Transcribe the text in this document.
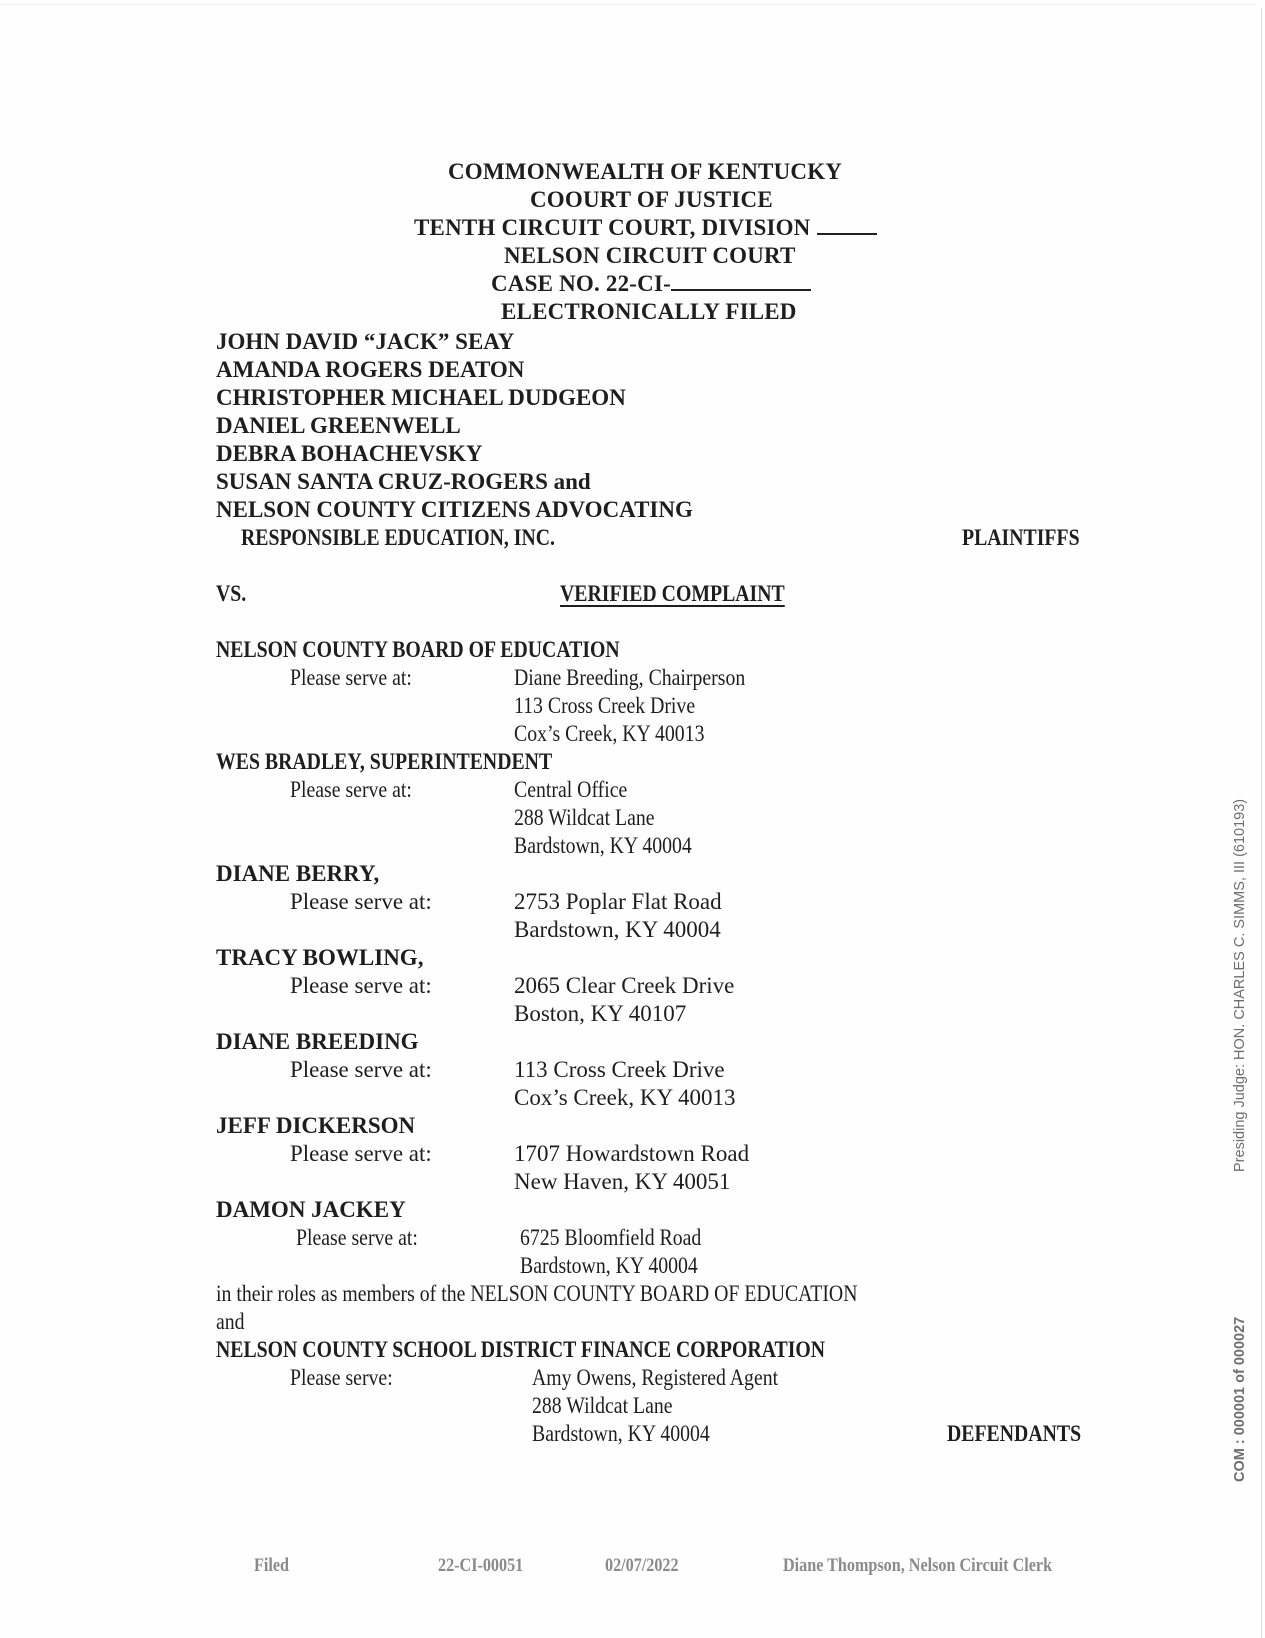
COMMONWEALTH OF KENTUCKY
COOURT OF JUSTICE
TENTH CIRCUIT COURT, DIVISION
NELSON CIRCUIT COURT
CASE NO. 22-CI-
ELECTRONICALLY FILED
JOHN DAVID “JACK” SEAY
AMANDA ROGERS DEATON
CHRISTOPHER MICHAEL DUDGEON
DANIEL GREENWELL
DEBRA BOHACHEVSKY
SUSAN SANTA CRUZ-ROGERS and
NELSON COUNTY CITIZENS ADVOCATING
RESPONSIBLE EDUCATION, INC.	PLAINTIFFS
VS.	VERIFIED COMPLAINT
NELSON COUNTY BOARD OF EDUCATION
Please serve at:	Diane Breeding, Chairperson
113 Cross Creek Drive
Cox’s Creek, KY 40013
WES BRADLEY, SUPERINTENDENT
Please serve at:	Central Office
288 Wildcat Lane
Bardstown, KY 40004
DIANE BERRY,
Please serve at:	2753 Poplar Flat Road
Bardstown, KY 40004
TRACY BOWLING,
Please serve at:	2065 Clear Creek Drive
Boston, KY 40107
DIANE BREEDING
Please serve at:	113 Cross Creek Drive
Cox’s Creek, KY 40013
JEFF DICKERSON
Please serve at:	1707 Howardstown Road
New Haven, KY 40051
DAMON JACKEY
Please serve at:	6725 Bloomfield Road
Bardstown, KY 40004
in their roles as members of the NELSON COUNTY BOARD OF EDUCATION
and
NELSON COUNTY SCHOOL DISTRICT FINANCE CORPORATION
Please serve:	Amy Owens, Registered Agent
288 Wildcat Lane
Bardstown, KY 40004	DEFENDANTS
Filed	22-CI-00051	02/07/2022	Diane Thompson, Nelson Circuit Clerk
Presiding Judge: HON. CHARLES C. SIMMS, III (610193)
COM : 000001 of 000027
